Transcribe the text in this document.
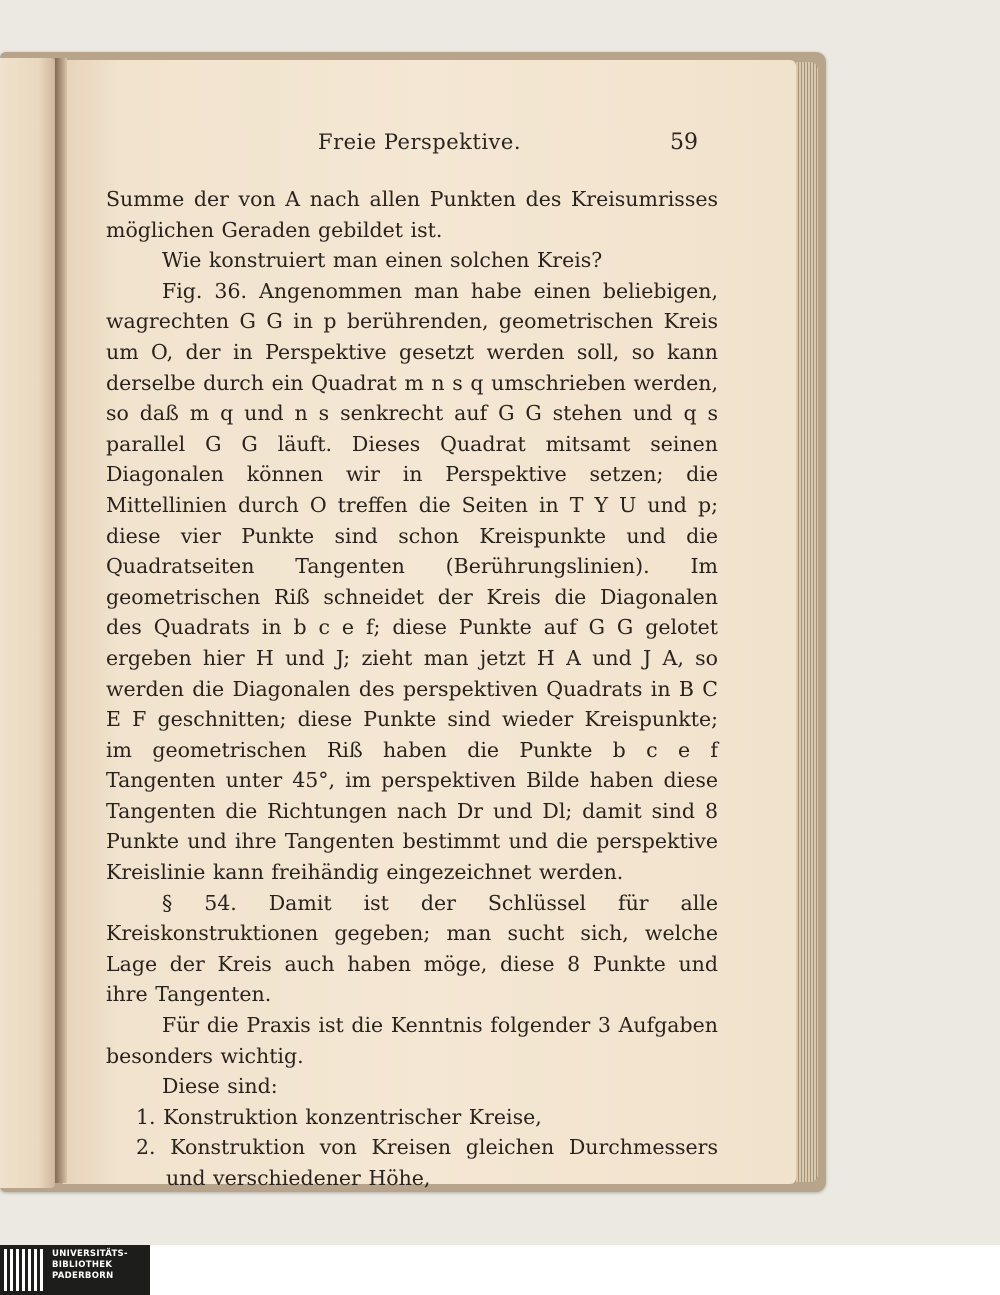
Freie Perspektive.	59

Summe der von A nach allen Punkten des Kreisumrisses möglichen Geraden gebildet ist.

Wie konstruiert man einen solchen Kreis?

Fig. 36. Angenommen man habe einen beliebigen, wagrechten G G in p berührenden, geometrischen Kreis um O, der in Perspektive gesetzt werden soll, so kann derselbe durch ein Quadrat m n s q umschrieben werden, so daß m q und n s senkrecht auf G G stehen und q s parallel G G läuft. Dieses Quadrat mitsamt seinen Diagonalen können wir in Perspektive setzen; die Mittellinien durch O treffen die Seiten in T Y U und p; diese vier Punkte sind schon Kreispunkte und die Quadratseiten Tangenten (Berührungslinien). Im geometrischen Riß schneidet der Kreis die Diagonalen des Quadrats in b c e f; diese Punkte auf G G gelotet ergeben hier H und J; zieht man jetzt H A und J A, so werden die Diagonalen des perspektiven Quadrats in B C E F geschnitten; diese Punkte sind wieder Kreispunkte; im geometrischen Riß haben die Punkte b c e f Tangenten unter 45°, im perspektiven Bilde haben diese Tangenten die Richtungen nach Dr und Dl; damit sind 8 Punkte und ihre Tangenten bestimmt und die perspektive Kreislinie kann freihändig eingezeichnet werden.

§ 54. Damit ist der Schlüssel für alle Kreiskonstruktionen gegeben; man sucht sich, welche Lage der Kreis auch haben möge, diese 8 Punkte und ihre Tangenten.

Für die Praxis ist die Kenntnis folgender 3 Aufgaben besonders wichtig.

Diese sind:

1. Konstruktion konzentrischer Kreise,

2. Konstruktion von Kreisen gleichen Durchmessers und verschiedener Höhe,

UNIVERSITÄTS-
BIBLIOTHEK
PADERBORN
